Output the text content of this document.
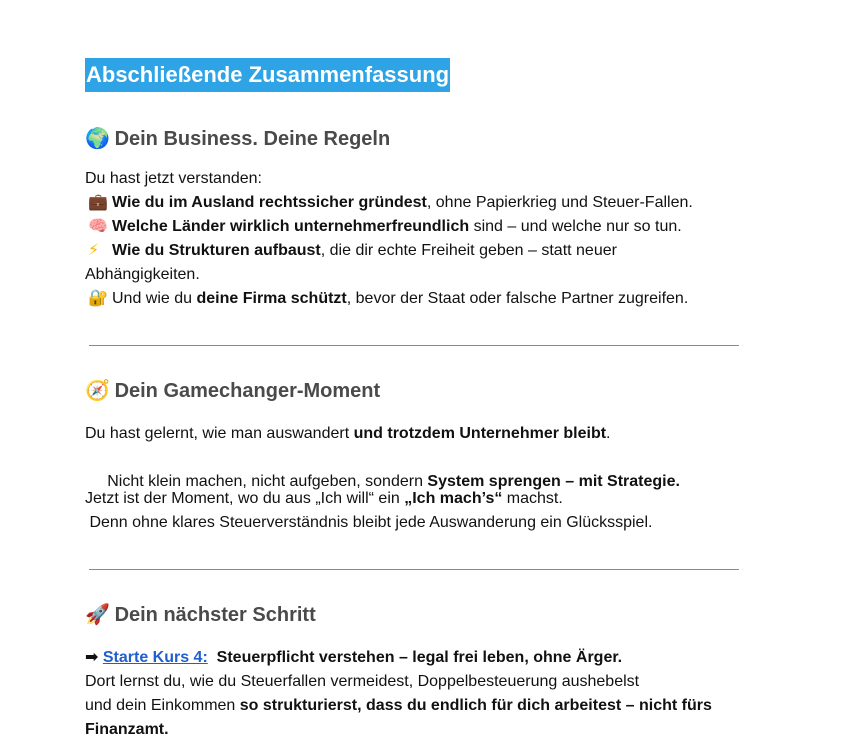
Abschließende Zusammenfassung
🌍 Dein Business. Deine Regeln
Du hast jetzt verstanden:
💼 Wie du im Ausland rechtssicher gründest, ohne Papierkrieg und Steuer-Fallen.
🧠 Welche Länder wirklich unternehmerfreundlich sind – und welche nur so tun.
⚡ Wie du Strukturen aufbaust, die dir echte Freiheit geben – statt neuer
Abhängigkeiten.
🔐 Und wie du deine Firma schützt, bevor der Staat oder falsche Partner zugreifen.
🧭 Dein Gamechanger-Moment
Du hast gelernt, wie man auswandert und trotzdem Unternehmer bleibt.

Nicht klein machen, nicht aufgeben, sondern System sprengen – mit Strategie.

Jetzt ist der Moment, wo du aus „Ich will“ ein „Ich mach’s“ machst.
Denn ohne klares Steuerverständnis bleibt jede Auswanderung ein Glücksspiel.
🚀 Dein nächster Schritt
➡ Starte Kurs 4: Steuerpflicht verstehen – legal frei leben, ohne Ärger.
Dort lernst du, wie du Steuerfallen vermeidest, Doppelbesteuerung aushebelst
und dein Einkommen so strukturierst, dass du endlich für dich arbeitest – nicht fürs
Finanzamt.
